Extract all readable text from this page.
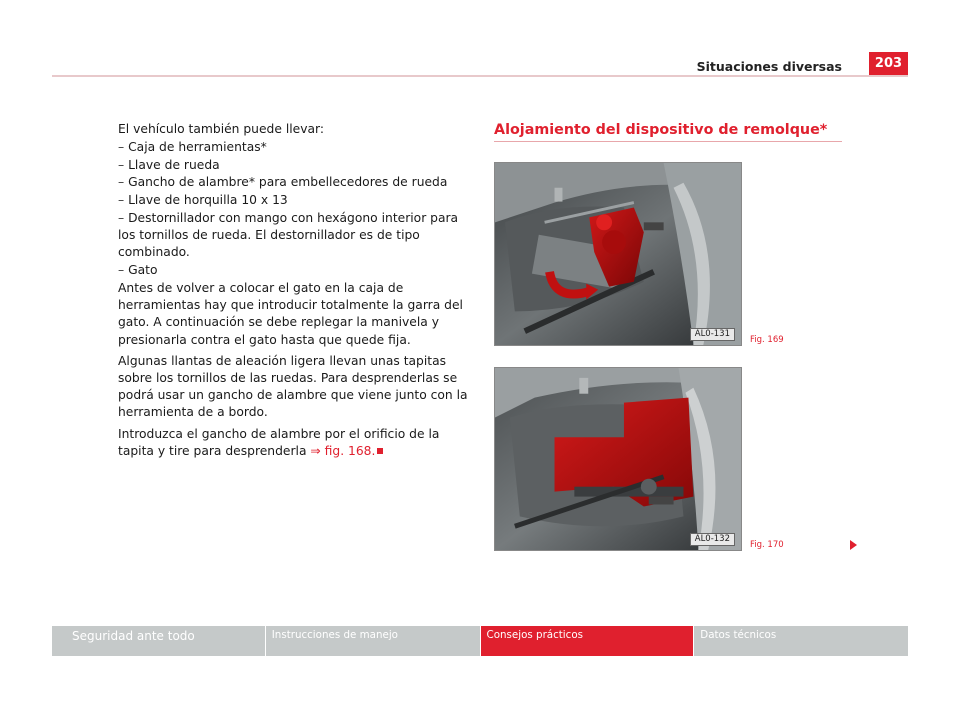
Situaciones diversas	203

El vehículo también puede llevar:

– Caja de herramientas*

– Llave de rueda

– Gancho de alambre* para embellecedores de rueda

– Llave de horquilla 10 x 13

– Destornillador con mango con hexágono interior para los tornillos de rueda. El destornillador es de tipo combinado.

– Gato

Antes de volver a colocar el gato en la caja de herramientas hay que introducir totalmente la garra del gato. A continuación se debe replegar la manivela y presionarla contra el gato hasta que quede fija.

Algunas llantas de aleación ligera llevan unas tapitas sobre los tornillos de las ruedas. Para desprenderlas se podrá usar un gancho de alambre que viene junto con la herramienta de a bordo.

Introduzca el gancho de alambre por el orificio de la tapita y tire para desprenderla ⇒ fig. 168.

Alojamiento del dispositivo de remolque*
AL0-131
Fig. 169
AL0-132
Fig. 170
Seguridad ante todo	Instrucciones de manejo	Consejos prácticos	Datos técnicos
